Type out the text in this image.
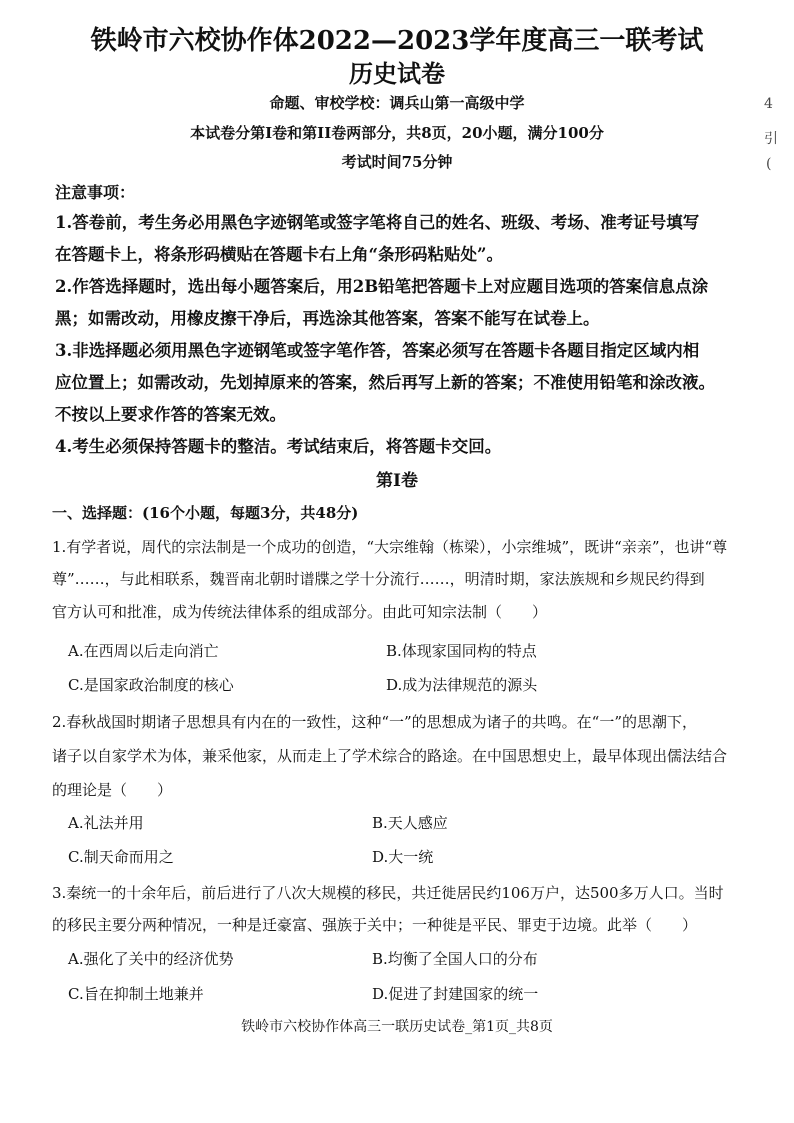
铁岭市六校协作体2022—2023学年度高三一联考试
历史试卷
命题、审校学校：调兵山第一高级中学
本试卷分第Ⅰ卷和第II卷两部分，共8页，20小题，满分100分
考试时间75分钟
4
引
(
注意事项：
1.答卷前，考生务必用黑色字迹钢笔或签字笔将自己的姓名、班级、考场、准考证号填写
在答题卡上，将条形码横贴在答题卡右上角“条形码粘贴处”。
2.作答选择题时，选出每小题答案后，用2B铅笔把答题卡上对应题目选项的答案信息点涂
黑；如需改动，用橡皮擦干净后，再选涂其他答案，答案不能写在试卷上。
3.非选择题必须用黑色字迹钢笔或签字笔作答，答案必须写在答题卡各题目指定区域内相
应位置上；如需改动，先划掉原来的答案，然后再写上新的答案；不准使用铅笔和涂改液。
不按以上要求作答的答案无效。
4.考生必须保持答题卡的整洁。考试结束后，将答题卡交回。
第Ⅰ卷
一、选择题：(16个小题，每题3分，共48分)
1.有学者说，周代的宗法制是一个成功的创造，“大宗维翰（栋梁），小宗维城”，既讲“亲亲”，也讲“尊
尊”……，与此相联系，魏晋南北朝时谱牒之学十分流行……，明清时期，家法族规和乡规民约得到
官方认可和批准，成为传统法律体系的组成部分。由此可知宗法制（　　）
A.在西周以后走向消亡	B.体现家国同构的特点
C.是国家政治制度的核心	D.成为法律规范的源头
2.春秋战国时期诸子思想具有内在的一致性，这种“一”的思想成为诸子的共鸣。在“一”的思潮下，
诸子以自家学术为体，兼采他家，从而走上了学术综合的路途。在中国思想史上，最早体现出儒法结合
的理论是（　　）
A.礼法并用	B.天人感应
C.制天命而用之	D.大一统
3.秦统一的十余年后，前后进行了八次大规模的移民，共迁徙居民约106万户，达500多万人口。当时
的移民主要分两种情况，一种是迁豪富、强族于关中；一种徙是平民、罪吏于边境。此举（　　）
A.强化了关中的经济优势	B.均衡了全国人口的分布
C.旨在抑制土地兼并	D.促进了封建国家的统一
铁岭市六校协作体高三一联历史试卷_第1页_共8页
